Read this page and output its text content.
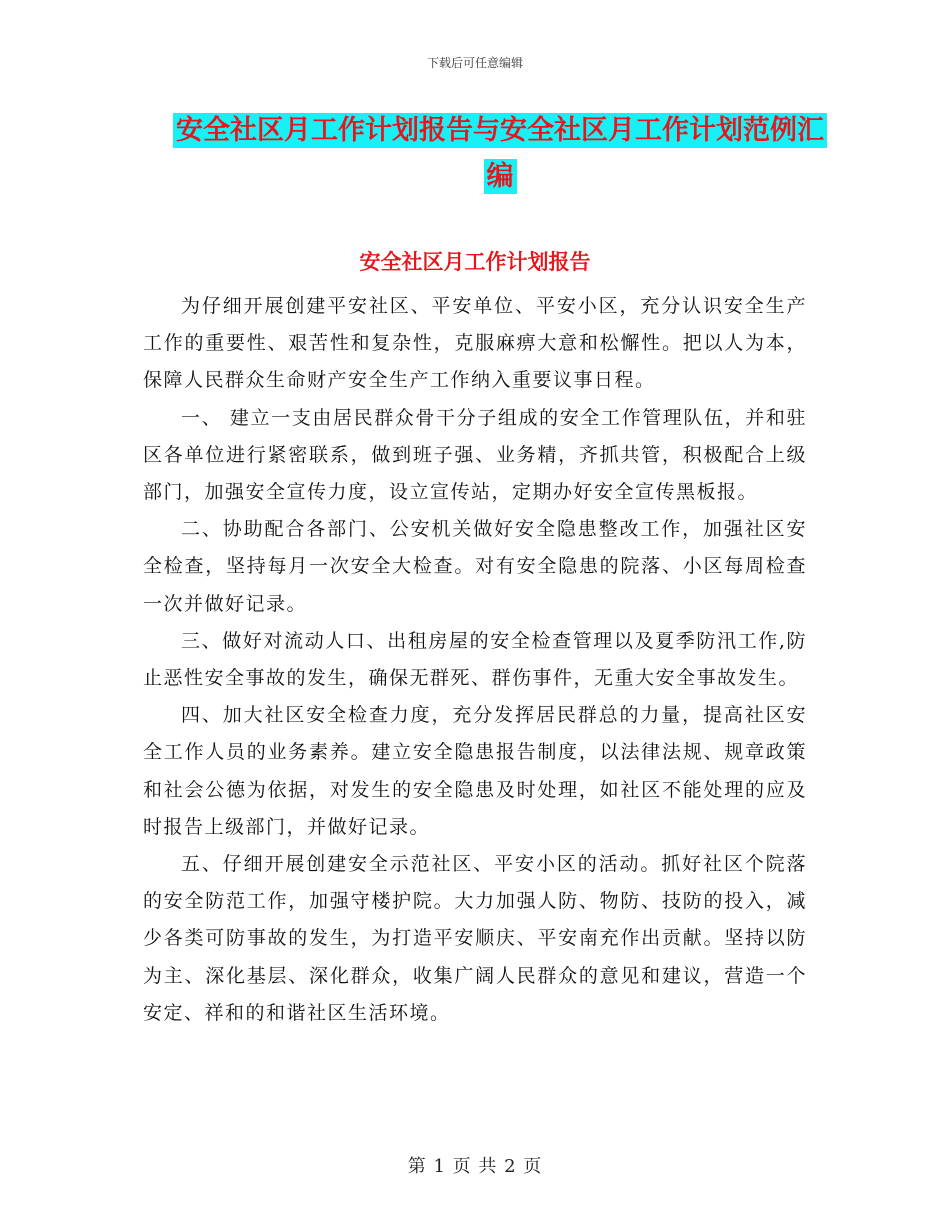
下载后可任意编辑
安全社区月工作计划报告与安全社区月工作计划范例汇编
安全社区月工作计划报告

为仔细开展创建平安社区、平安单位、平安小区，充分认识安全生产工作的重要性、艰苦性和复杂性，克服麻痹大意和松懈性。把以人为本，保障人民群众生命财产安全生产工作纳入重要议事日程。

一、 建立一支由居民群众骨干分子组成的安全工作管理队伍，并和驻区各单位进行紧密联系，做到班子强、业务精，齐抓共管，积极配合上级部门，加强安全宣传力度，设立宣传站，定期办好安全宣传黑板报。

二、协助配合各部门、公安机关做好安全隐患整改工作，加强社区安全检查，坚持每月一次安全大检查。对有安全隐患的院落、小区每周检查一次并做好记录。

三、做好对流动人口、出租房屋的安全检查管理以及夏季防汛工作,防止恶性安全事故的发生，确保无群死、群伤事件，无重大安全事故发生。

四、加大社区安全检查力度，充分发挥居民群总的力量，提高社区安全工作人员的业务素养。建立安全隐患报告制度，以法律法规、规章政策和社会公德为依据，对发生的安全隐患及时处理，如社区不能处理的应及时报告上级部门，并做好记录。

五、仔细开展创建安全示范社区、平安小区的活动。抓好社区个院落的安全防范工作，加强守楼护院。大力加强人防、物防、技防的投入，减少各类可防事故的发生，为打造平安顺庆、平安南充作出贡献。坚持以防为主、深化基层、深化群众，收集广阔人民群众的意见和建议，营造一个安定、祥和的和谐社区生活环境。

第 1 页 共 2 页
